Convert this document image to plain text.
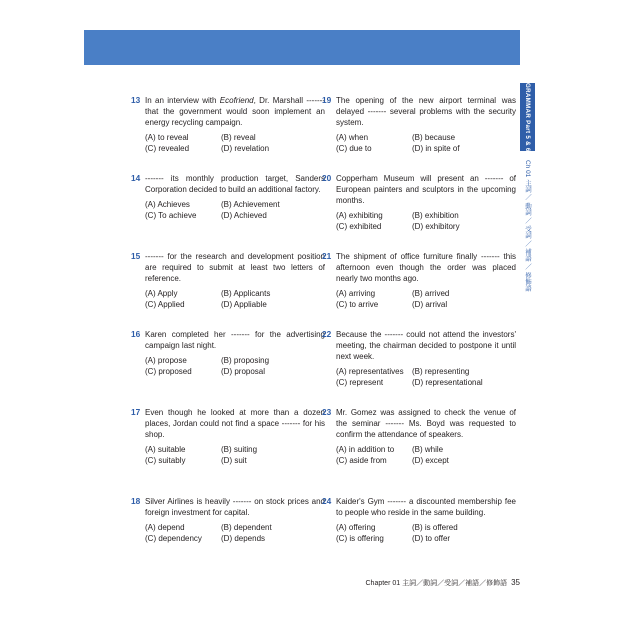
GRAMMAR Part 5 & 6
Ch 01 主詞 ／ 動詞 ／ 受詞 ／ 補語 ／ 修飾語
13 In an interview with Ecofriend, Dr. Marshall ------- that the government would soon implement an energy recycling campaign.
(A) to reveal	(B) reveal
(C) revealed	(D) revelation
14 ------- its monthly production target, Sanders Corporation decided to build an additional factory.
(A) Achieves	(B) Achievement
(C) To achieve	(D) Achieved
15 ------- for the research and development position are required to submit at least two letters of reference.
(A) Apply	(B) Applicants
(C) Applied	(D) Appliable
16 Karen completed her ------- for the advertising campaign last night.
(A) propose	(B) proposing
(C) proposed	(D) proposal
17 Even though he looked at more than a dozen places, Jordan could not find a space ------- for his shop.
(A) suitable	(B) suiting
(C) suitably	(D) suit
18 Silver Airlines is heavily ------- on stock prices and foreign investment for capital.
(A) depend	(B) dependent
(C) dependency	(D) depends
19 The opening of the new airport terminal was delayed ------- several problems with the security system.
(A) when	(B) because
(C) due to	(D) in spite of
20 Copperham Museum will present an ------- of European painters and sculptors in the upcoming months.
(A) exhibiting	(B) exhibition
(C) exhibited	(D) exhibitory
21 The shipment of office furniture finally ------- this afternoon even though the order was placed nearly two months ago.
(A) arriving	(B) arrived
(C) to arrive	(D) arrival
22 Because the ------- could not attend the investors' meeting, the chairman decided to postpone it until next week.
(A) representatives	(B) representing
(C) represent	(D) representational
23 Mr. Gomez was assigned to check the venue of the seminar ------- Ms. Boyd was requested to confirm the attendance of speakers.
(A) in addition to	(B) while
(C) aside from	(D) except
24 Kaider's Gym ------- a discounted membership fee to people who reside in the same building.
(A) offering	(B) is offered
(C) is offering	(D) to offer
Chapter 01 主詞／動詞／受詞／補語／修飾語 35
